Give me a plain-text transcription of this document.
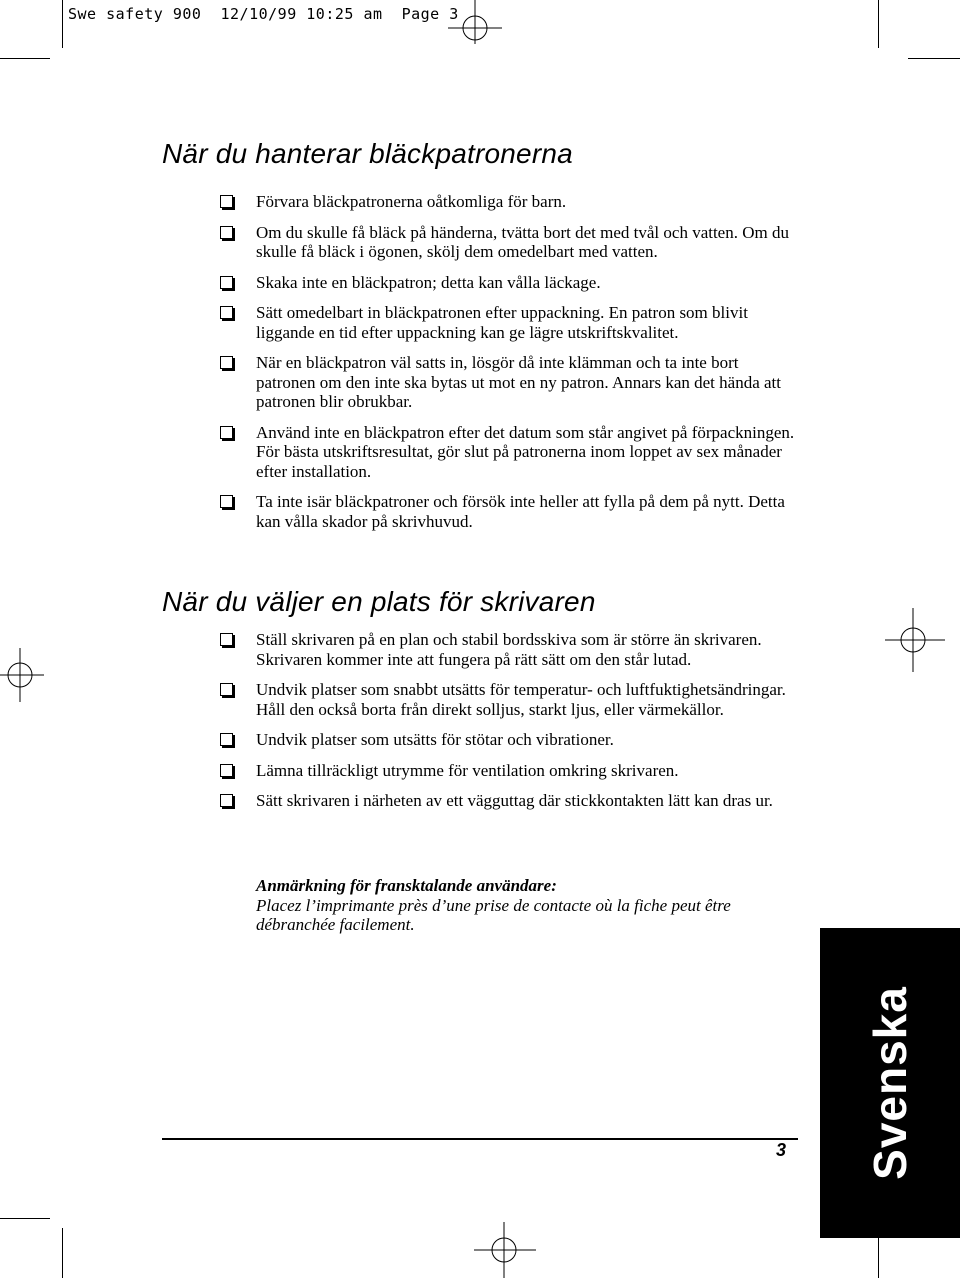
Swe safety 900  12/10/99 10:25 am  Page 3
När du hanterar bläckpatronerna
Förvara bläckpatronerna oåtkomliga för barn.
Om du skulle få bläck på händerna, tvätta bort det med tvål och vatten. Om du skulle få bläck i ögonen, skölj dem omedelbart med vatten.
Skaka inte en bläckpatron; detta kan vålla läckage.
Sätt omedelbart in bläckpatronen efter uppackning. En patron som blivit liggande en tid efter uppackning kan ge lägre utskriftskvalitet.
När en bläckpatron väl satts in, lösgör då inte klämman och ta inte bort patronen om den inte ska bytas ut mot en ny patron. Annars kan det hända att patronen blir obrukbar.
Använd inte en bläckpatron efter det datum som står angivet på förpackningen. För bästa utskriftsresultat, gör slut på patronerna inom loppet av sex månader efter installation.
Ta inte isär bläckpatroner och försök inte heller att fylla på dem på nytt. Detta kan vålla skador på skrivhuvud.
När du väljer en plats för skrivaren
Ställ skrivaren på en plan och stabil bordsskiva som är större än skrivaren. Skrivaren kommer inte att fungera på rätt sätt om den står lutad.
Undvik platser som snabbt utsätts för temperatur- och luftfuktighetsändringar. Håll den också borta från direkt solljus, starkt ljus, eller värmekällor.
Undvik platser som utsätts för stötar och vibrationer.
Lämna tillräckligt utrymme för ventilation omkring skrivaren.
Sätt skrivaren i närheten av ett vägguttag där stickkontakten lätt kan dras ur.
Anmärkning för fransktalande användare:
Placez l’imprimante près d’une prise de contacte où la fiche peut être débranchée facilement.
3 Svenska
